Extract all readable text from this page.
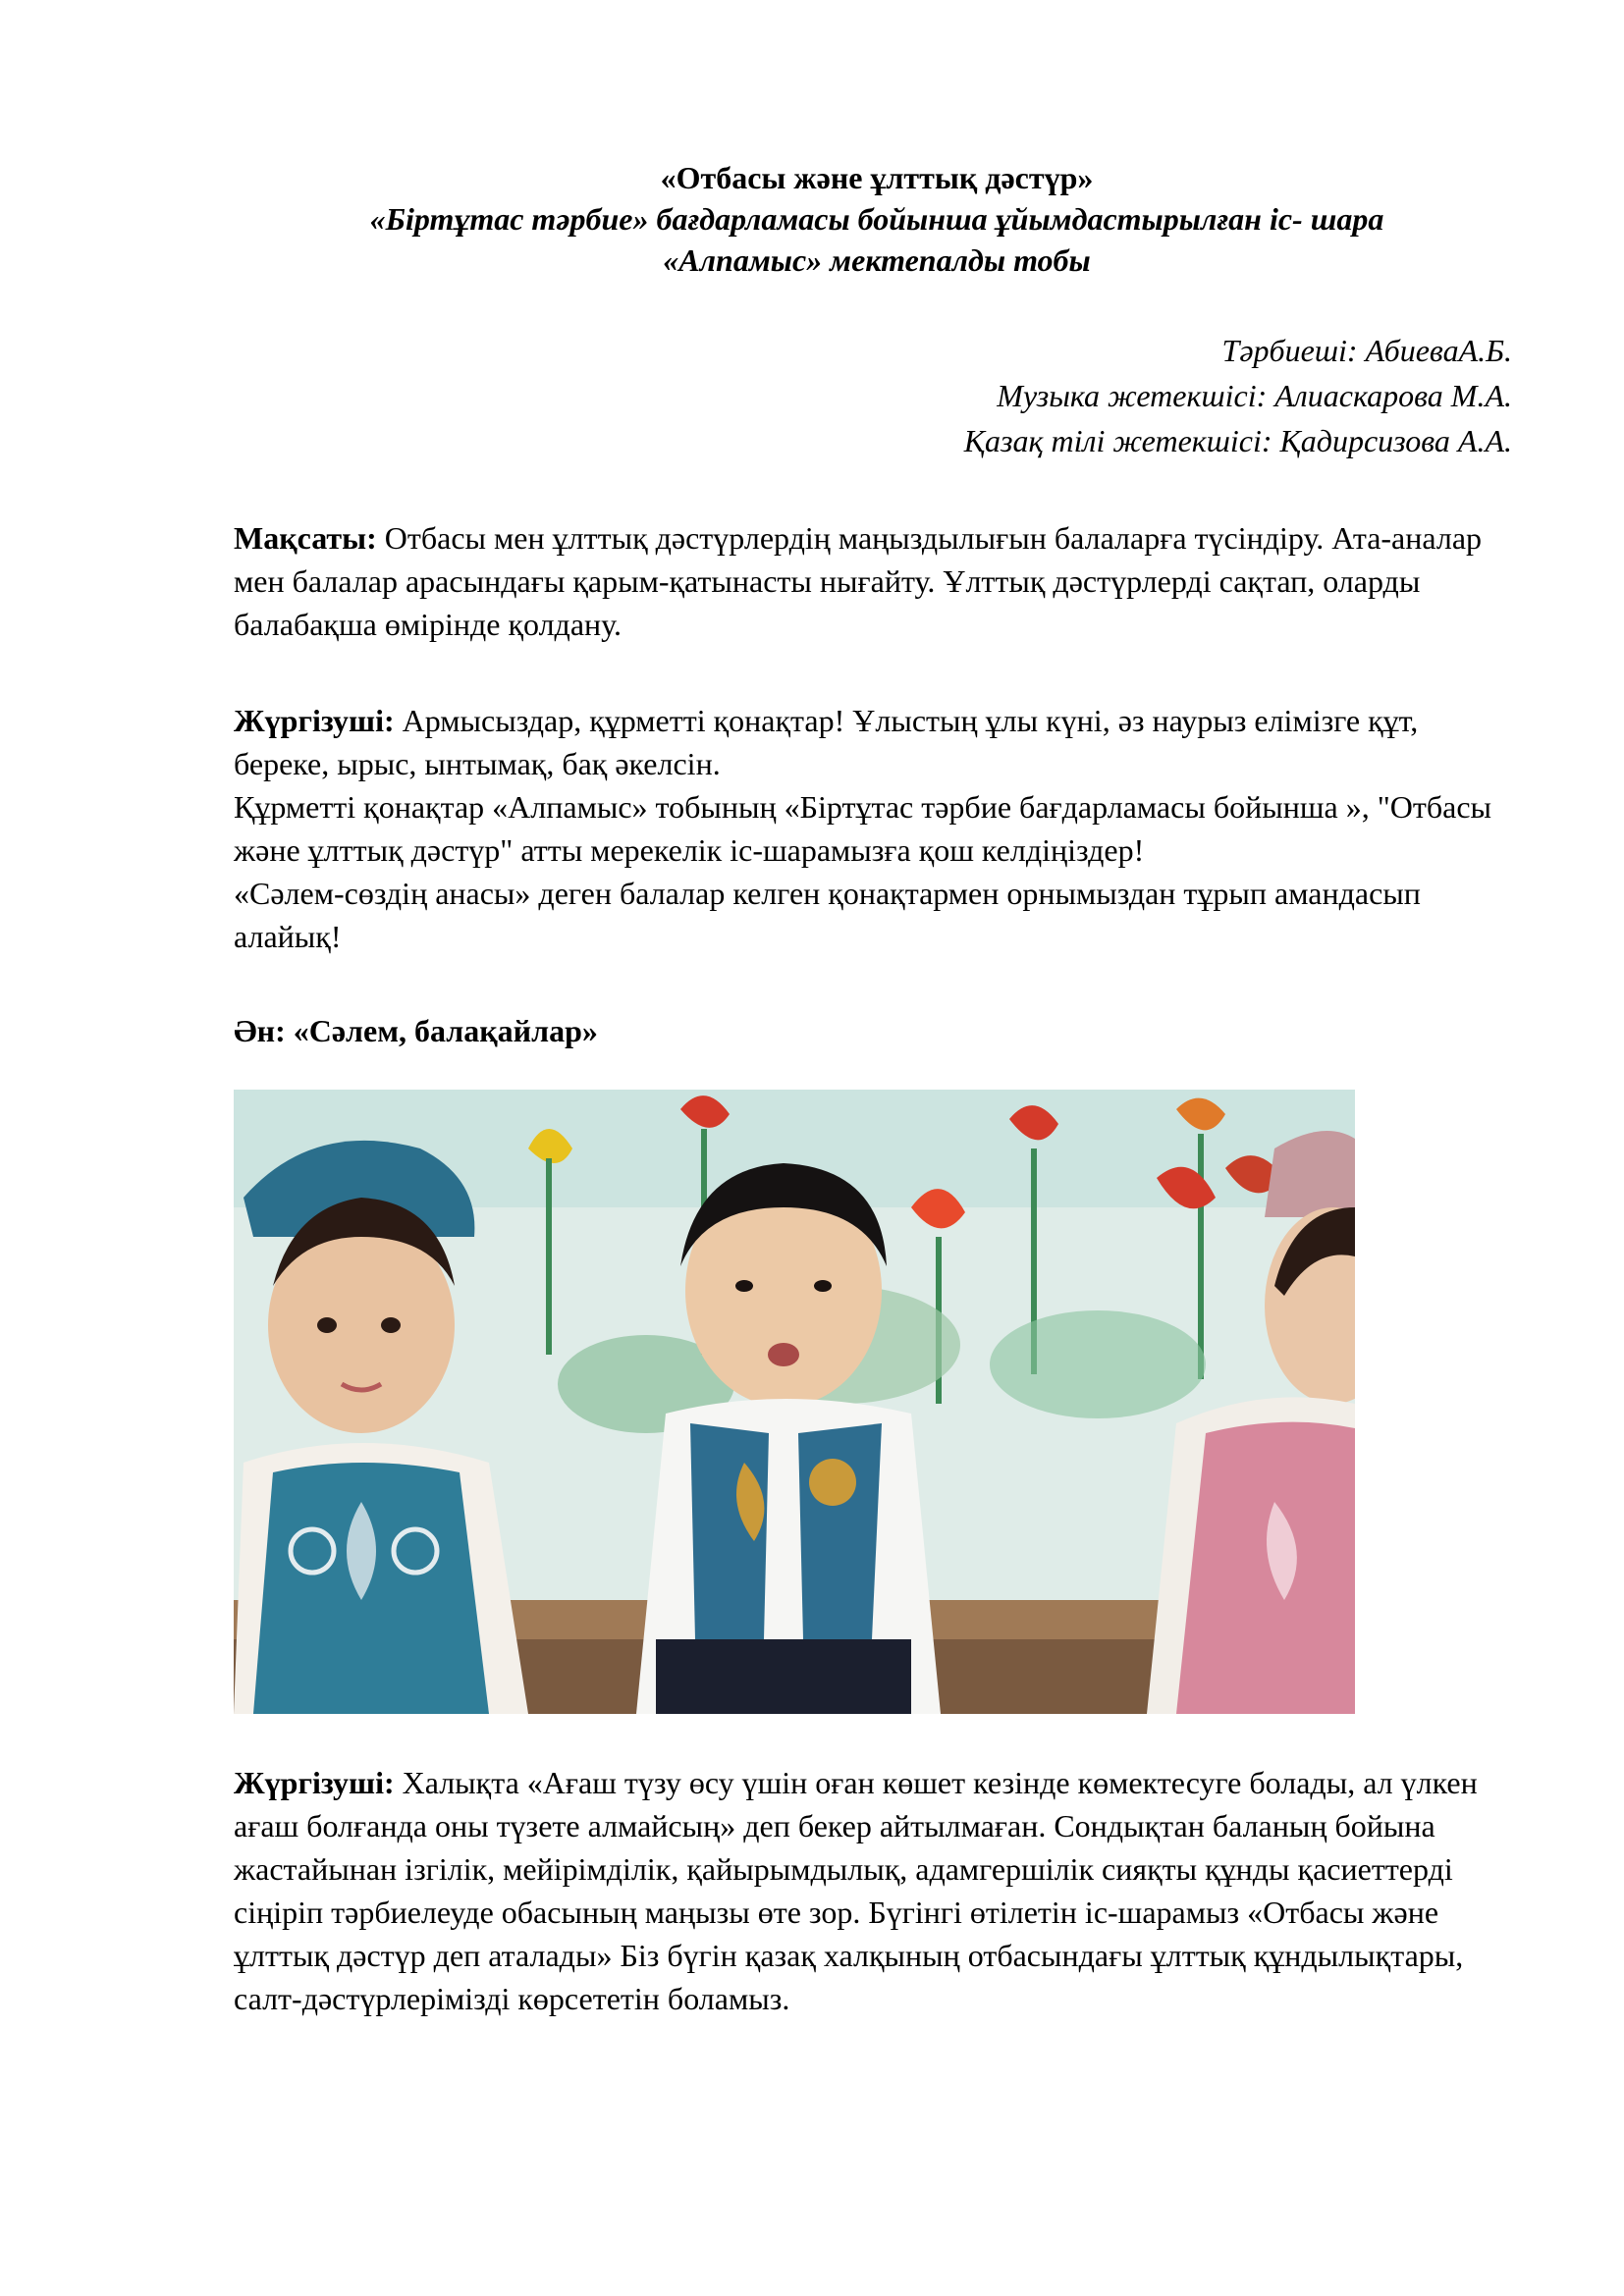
«Отбасы және ұлттық дәстүр»

«Біртұтас тәрбие» бағдарламасы бойынша ұйымдастырылған іс- шара

«Алпамыс» мектепалды тобы

Тәрбиеші: АбиеваА.Б.
Музыка жетекшісі: Алиаскарова М.А.
Қазақ тілі жетекшісі: Қадирсизова А.А.

Мақсаты: Отбасы мен ұлттық дәстүрлердің маңыздылығын балаларға түсіндіру. Ата-аналар мен балалар арасындағы қарым-қатынасты нығайту. Ұлттық дәстүрлерді сақтап, оларды балабақша өмірінде қолдану.

Жүргізуші: Армысыздар, құрметті қонақтар! Ұлыстың ұлы күні, әз наурыз елімізге құт, береке, ырыс, ынтымақ, бақ әкелсін.

Құрметті қонақтар «Алпамыс» тобының «Біртұтас тәрбие бағдарламасы бойынша », "Отбасы және ұлттық дәстүр" атты мерекелік іс-шарамызға қош келдіңіздер!

«Сәлем-сөздің анасы» деген балалар келген қонақтармен орнымыздан тұрып амандасып алайық!

Ән: «Сәлем, балақайлар»

Жүргізуші: Халықта «Ағаш түзу өсу үшін оған көшет кезінде көмектесуге болады, ал үлкен ағаш болғанда оны түзете алмайсың» деп бекер айтылмаған. Сондықтан баланың бойына жастайынан ізгілік, мейірімділік, қайырымдылық, адамгершілік сияқты құнды қасиеттерді сіңіріп тәрбиелеуде обасының маңызы өте зор. Бүгінгі өтілетін іс-шарамыз «Отбасы және ұлттық дәстүр деп аталады» Біз бүгін қазақ халқының отбасындағы ұлттық құндылықтары, салт-дәстүрлерімізді көрсететін боламыз.
